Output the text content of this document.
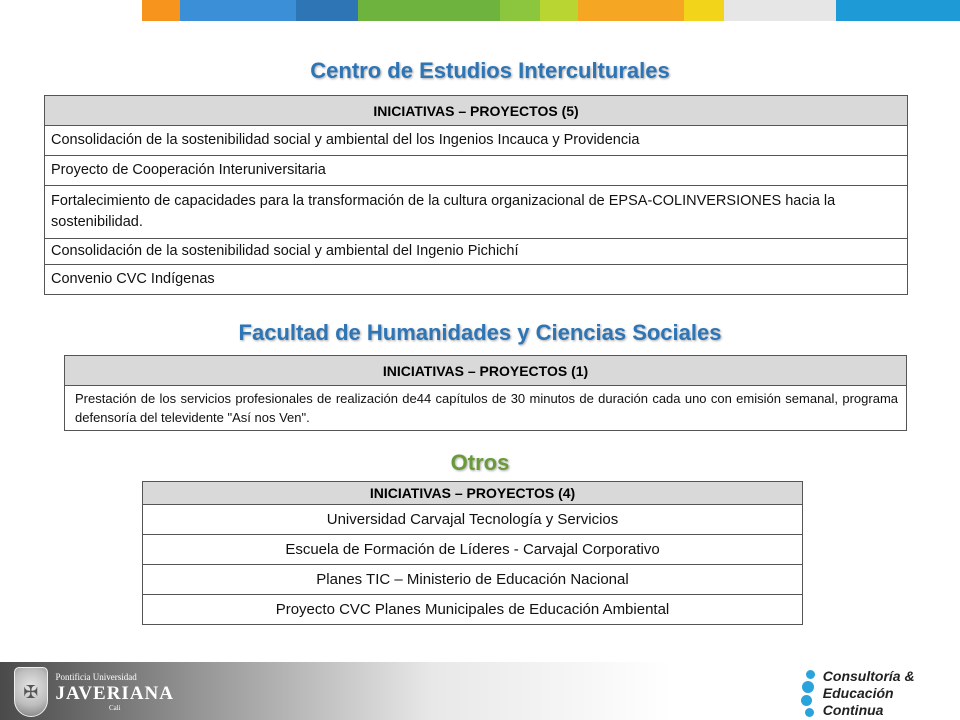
Centro de Estudios Interculturales
INICIATIVAS – PROYECTOS (5)
Consolidación de la sostenibilidad social y ambiental del los Ingenios Incauca y Providencia
Proyecto de Cooperación Interuniversitaria
Fortalecimiento de capacidades para la transformación de la cultura organizacional de EPSA-COLINVERSIONES hacia la sostenibilidad.
Consolidación de la sostenibilidad social y ambiental del Ingenio Pichichí
Convenio CVC Indígenas
Facultad de Humanidades y Ciencias Sociales
INICIATIVAS – PROYECTOS (1)
Prestación de los servicios profesionales de realización de44 capítulos de 30 minutos de duración cada uno con emisión semanal, programa defensoría del televidente "Así nos Ven".
Otros
INICIATIVAS – PROYECTOS (4)
Universidad Carvajal Tecnología y Servicios
Escuela de Formación de Líderes - Carvajal Corporativo
Planes TIC – Ministerio de Educación Nacional
Proyecto CVC Planes Municipales de Educación Ambiental
✠
Pontificia Universidad
JAVERIANA
Cali
Consultoría &
Educación Continua
